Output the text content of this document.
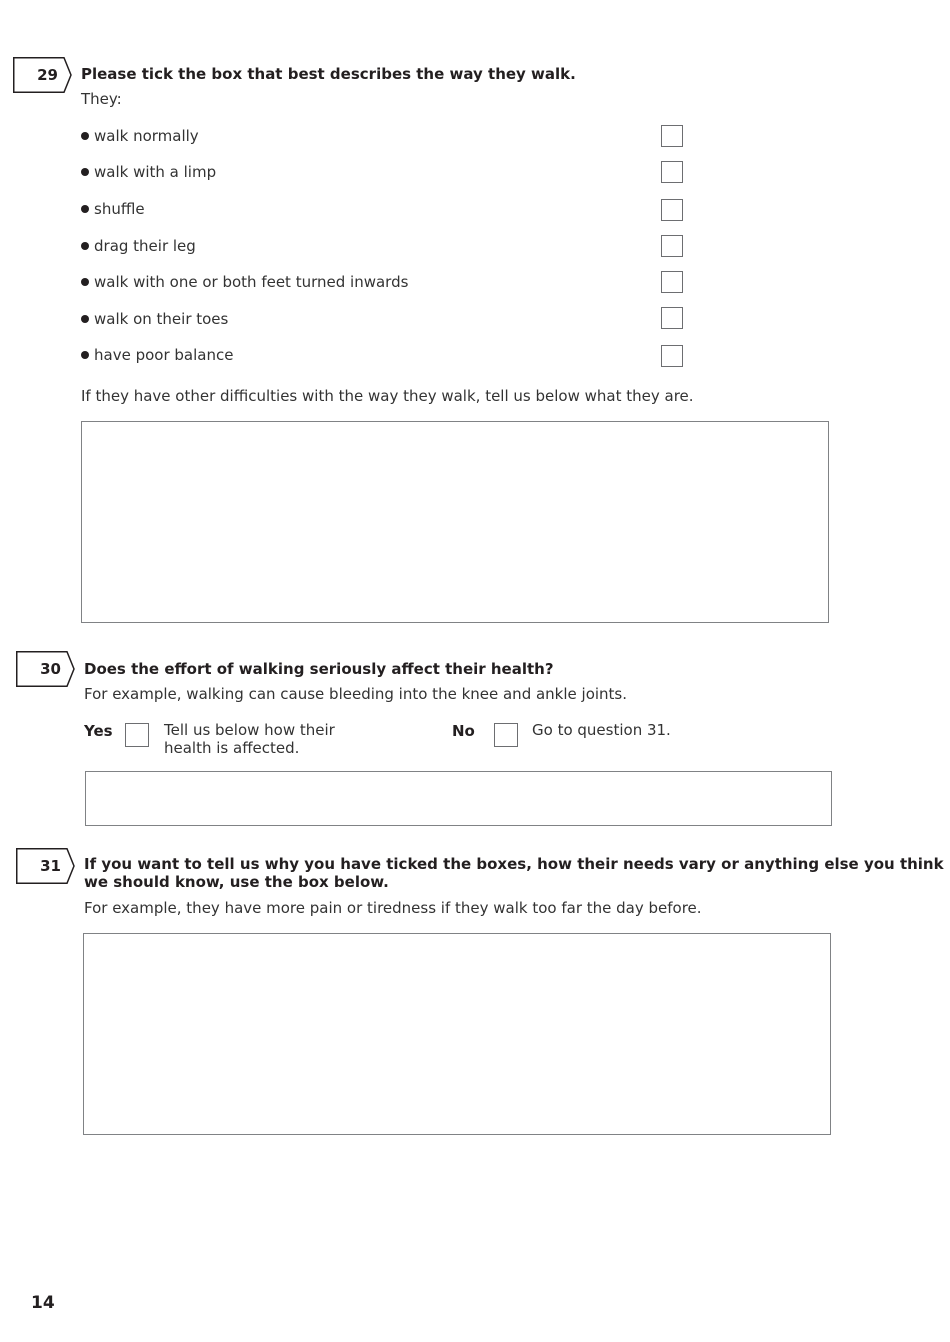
29 Please tick the box that best describes the way they walk.
They:
walk normally
walk with a limp
shuffle
drag their leg
walk with one or both feet turned inwards
walk on their toes
have poor balance
If they have other difficulties with the way they walk, tell us below what they are.
30 Does the effort of walking seriously affect their health?
For example, walking can cause bleeding into the knee and ankle joints.
Yes	Tell us below how their
health is affected.
No	Go to question 31.
31 If you want to tell us why you have ticked the boxes, how their needs vary or anything else you think
we should know, use the box below.
For example, they have more pain or tiredness if they walk too far the day before.
14
